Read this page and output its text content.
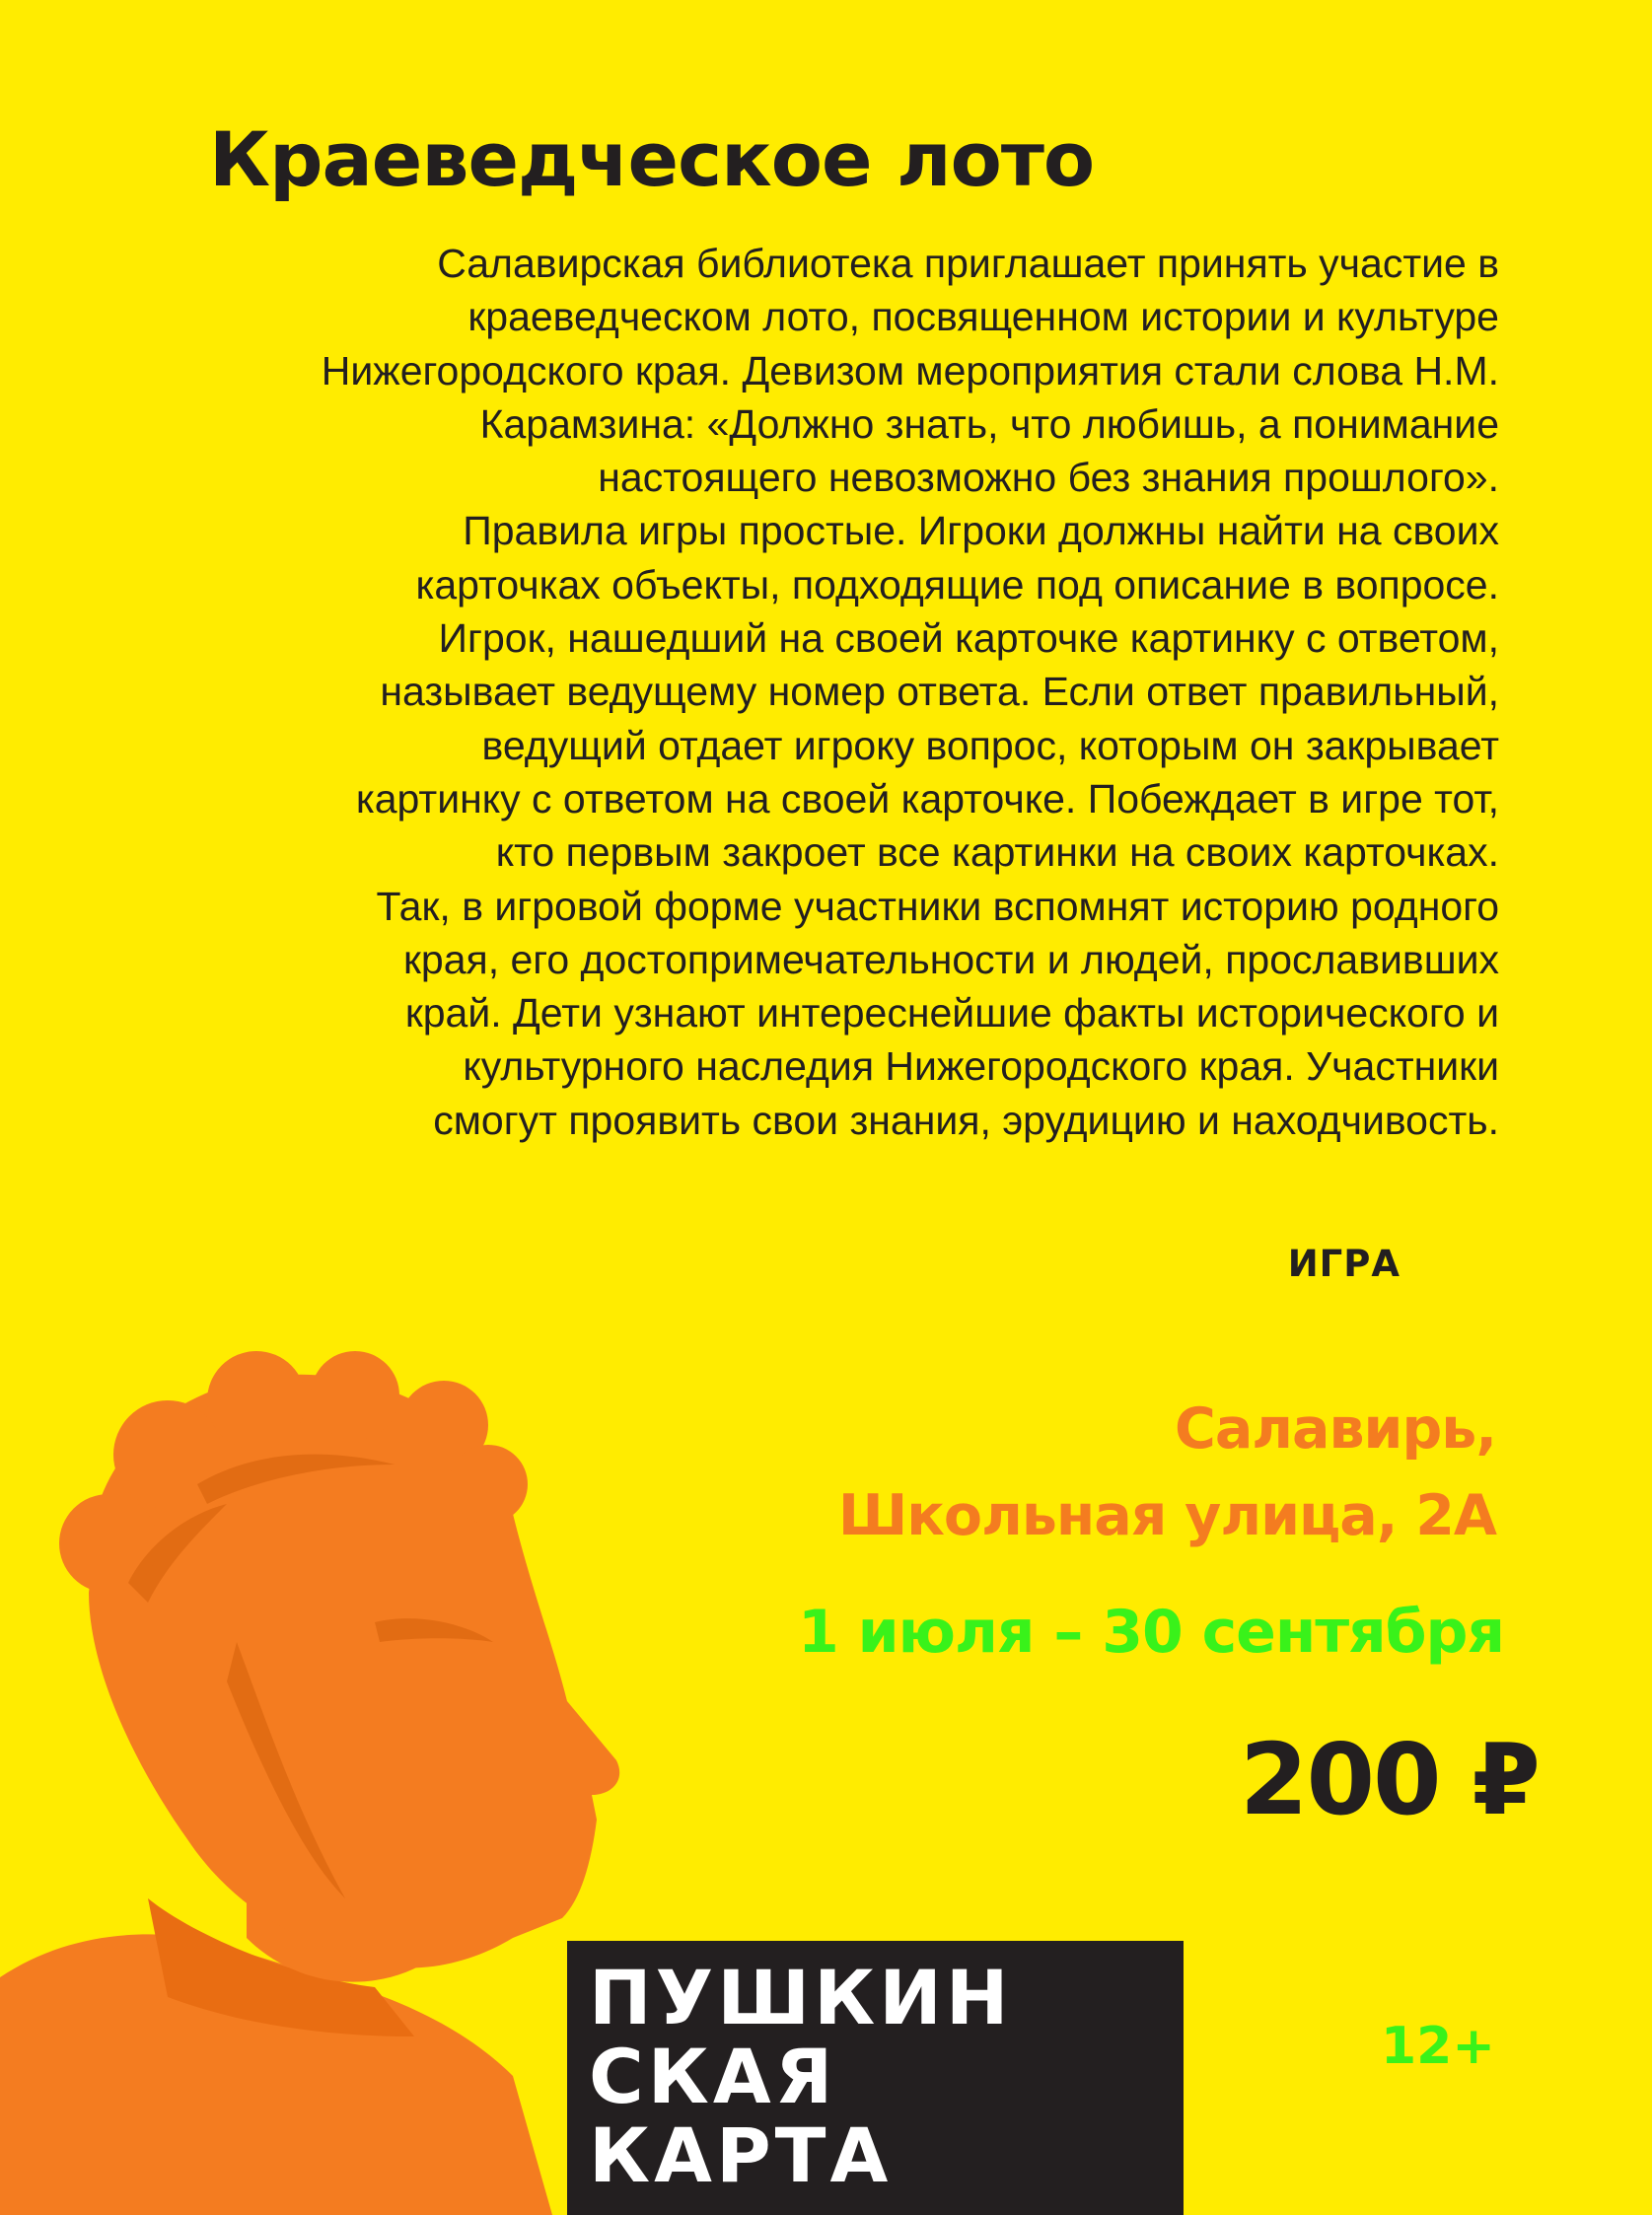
Краеведческое лото
Салавирская библиотека приглашает принять участие в
краеведческом лото, посвященном истории и культуре
Нижегородского края. Девизом мероприятия стали слова Н.М.
Карамзина: «Должно знать, что любишь, а понимание
настоящего невозможно без знания прошлого».
Правила игры простые. Игроки должны найти на своих
карточках объекты, подходящие под описание в вопросе.
Игрок, нашедший на своей карточке картинку с ответом,
называет ведущему номер ответа. Если ответ правильный,
ведущий отдает игроку вопрос, которым он закрывает
картинку с ответом на своей карточке. Побеждает в игре тот,
кто первым закроет все картинки на своих карточках.
Так, в игровой форме участники вспомнят историю родного
края, его достопримечательности и людей, прославивших
край. Дети узнают интереснейшие факты исторического и
культурного наследия Нижегородского края. Участники
смогут проявить свои знания, эрудицию и находчивость.
ИГРА
Салавирь,
Школьная улица, 2А
1 июля – 30 сентября
200 ₽
ПУШКИН
СКАЯ
КАРТА
12+
